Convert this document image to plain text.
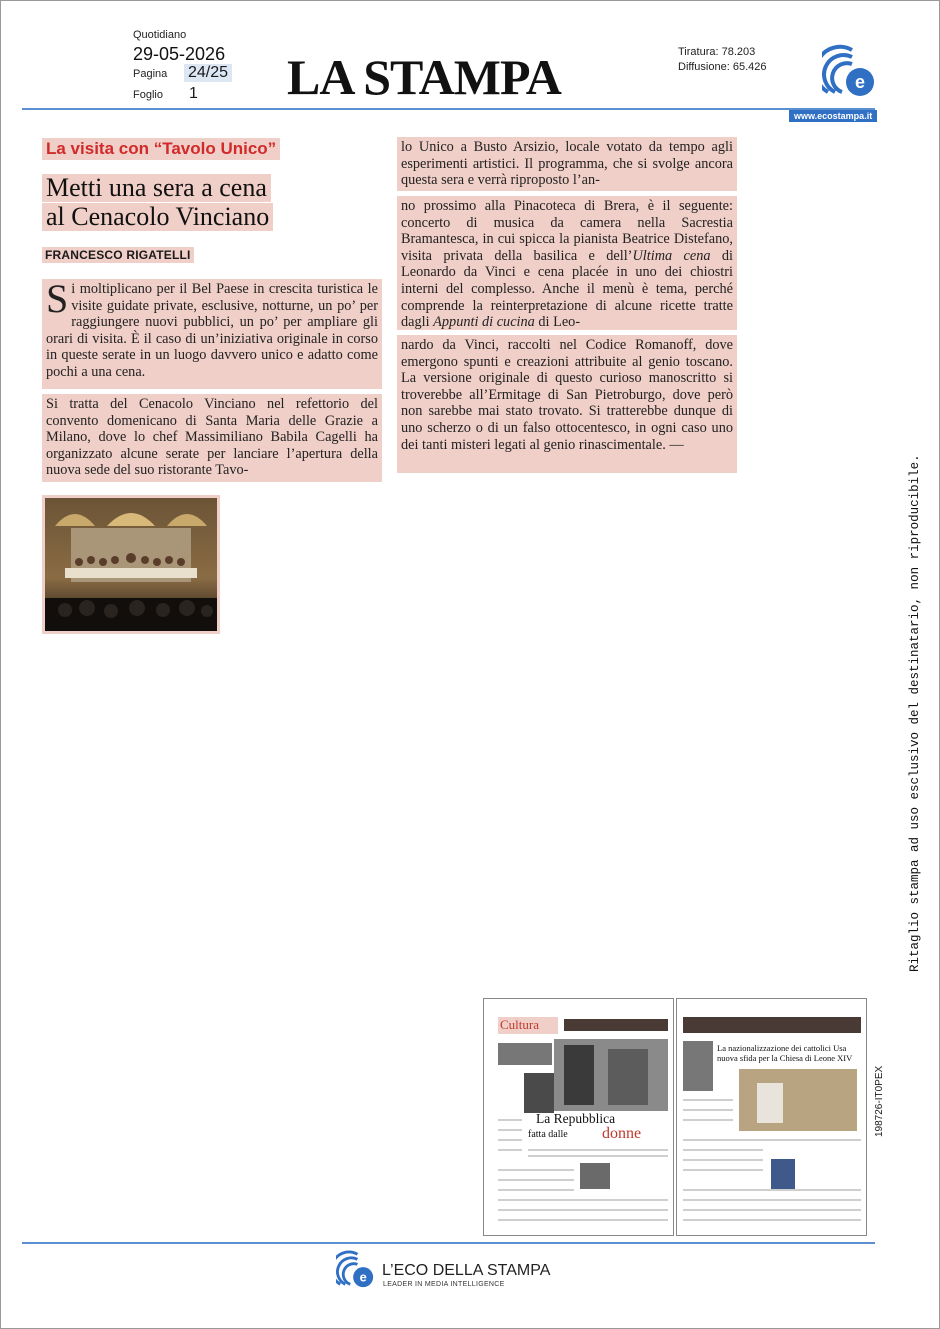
Quotidiano
29-05-2026
Pagina 24/25
Foglio 1 LA STAMPA	Tiratura: 78.203
Diffusione: 65.426
e
www.ecostampa.it
La visita con “Tavolo Unico”
Metti una sera a cena
al Cenacolo Vinciano
FRANCESCO RIGATELLI
Si moltiplicano per il Bel Paese in crescita turistica le visite guidate private, esclusive, notturne, un po’ per raggiungere nuovi pubblici, un po’ per ampliare gli orari di visita. È il caso di un’iniziativa originale in corso in queste serate in un luogo davvero unico e adatto come pochi a una cena.
Si tratta del Cenacolo Vinciano nel refettorio del convento domenicano di Santa Maria delle Grazie a Milano, dove lo chef Massimiliano Babila Cagelli ha organizzato alcune serate per lanciare l’apertura della nuova sede del suo ristorante Tavo-
lo Unico a Busto Arsizio, locale votato da tempo agli esperimenti artistici. Il programma, che si svolge ancora questa sera e verrà riproposto l’an-
no prossimo alla Pinacoteca di Brera, è il seguente: concerto di musica da camera nella Sacrestia Bramantesca, in cui spicca la pianista Beatrice Distefano, visita privata della basilica e dell’Ultima cena di Leonardo da Vinci e cena placée in uno dei chiostri interni del complesso. Anche il menù è tema, perché comprende la reinterpretazione di alcune ricette tratte dagli Appunti di cucina di Leo-
nardo da Vinci, raccolti nel Codice Romanoff, dove emergono spunti e creazioni attribuite al genio toscano. La versione originale di questo curioso manoscritto si troverebbe all’Ermitage di San Pietroburgo, dove però non sarebbe mai stato trovato. Si tratterebbe dunque di uno scherzo o di un falso ottocentesco, in ogni caso uno dei tanti misteri legati al genio rinascimentale. —
Ritaglio stampa ad uso esclusivo del destinatario, non riproducibile.
198726-IT0PEX
Cultura
La Repubblica
fatta dalle donne
La nazionalizzazione dei cattolici Usa nuova sfida per la Chiesa di Leone XIV
e L’ECO DELLA STAMPA
LEADER IN MEDIA INTELLIGENCE
